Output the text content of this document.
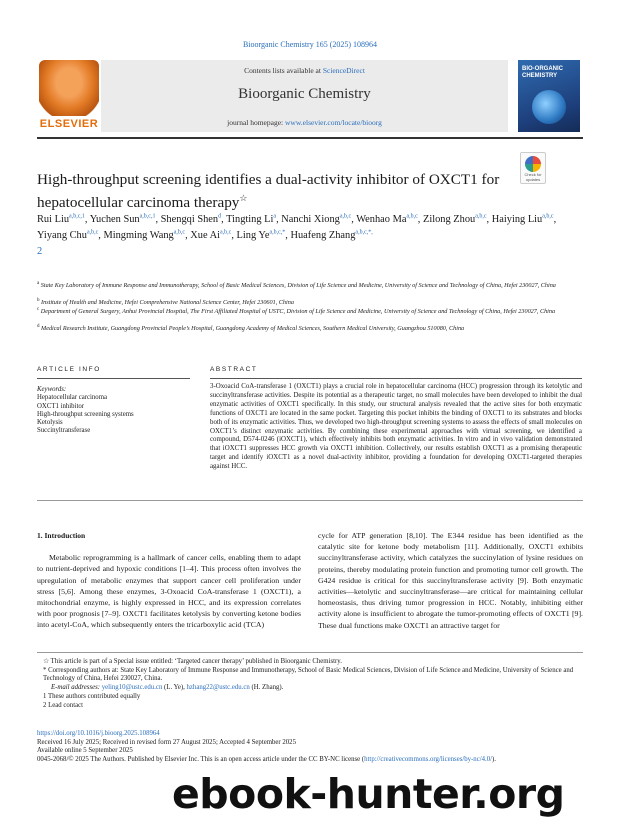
Bioorganic Chemistry 165 (2025) 108964
ELSEVIER
Contents lists available at ScienceDirect
Bioorganic Chemistry
journal homepage: www.elsevier.com/locate/bioorg
BIO-ORGANIC CHEMISTRY
High-throughput screening identifies a dual-activity inhibitor of OXCT1 for hepatocellular carcinoma therapy☆
Check for updates
Rui Liu$^{a,b,c,1}$, Yuchen Sun$^{a,b,c,1}$, Shengqi Shen$^d$, Tingting Li$^a$, Nanchi Xiong$^{a,b,c}$, Wenhao Ma$^{a,b,c}$, Zilong Zhou$^{a,b,c}$, Haiying Liu$^{a,b,c}$, Yiyang Chu$^{a,b,c}$, Mingming Wang$^{a,b,c}$, Xue Ai$^{a,b,c}$, Ling $Ye^{a,b,c,*}$, Huafeng Zhang$^{a,b,c,*,}$
2
$^a$ State Key Laboratory of Immune Response and Immunotherapy, School of Basic Medical Sciences, Division of Life Science and Medicine, University of Science and Technology of China, Hefei 230027, China
$^b$ Institute of Health and Medicine, Hefei Comprehensive National Science Center, Hefei 230601, China
$^c$ Department of General Surgery, Anhui Provincial Hospital, The First Affiliated Hospital of USTC, Division of Life Science and Medicine, University of Science and Technology of China, Hefei 230027, China
$^d$ Medical Research Institute, Guangdong Provincial People’s Hospital, Guangdong Academy of Medical Sciences, Southern Medical University, Guangzhou 510080, China
ARTICLE INFO	ABSTRACT
Keywords:
Hepatocellular carcinoma
OXCT1 inhibitor
High-throughput screening systems
Ketolysis
Succinyltransferase
3-Oxoacid CoA-transferase 1 (OXCT1) plays a crucial role in hepatocellular carcinoma (HCC) progression through its ketolytic and succinyltransferase activities. Despite its potential as a therapeutic target, no small molecules have been developed to inhibit the dual enzymatic activities of OXCT1 specifically. In this study, our structural analysis revealed that the active sites for both enzymatic functions of OXCT1 are located in the same pocket. Targeting this pocket inhibits the binding of OXCT1 to its substrates and blocks both of its enzymatic activities. Thus, we developed two high-throughput screening systems to assess the effects of small molecules on OXCT1’s distinct enzymatic activities. By combining these experimental approaches with virtual screening, we identified a compound, D574-0246 (iOXCT1), which effectively inhibits both enzymatic activities. In vitro and in vivo validation demonstrated that iOXCT1 suppresses HCC growth via OXCT1 inhibition. Collectively, our results establish OXCT1 as a promising therapeutic target and identify iOXCT1 as a novel dual-activity inhibitor, providing a foundation for developing OXCT1-targeted therapies against HCC.
1. Introduction

Metabolic reprogramming is a hallmark of cancer cells, enabling them to adapt to nutrient-deprived and hypoxic conditions [1–4]. This process often involves the upregulation of metabolic enzymes that support cancer cell proliferation under stress [5,6]. Among these enzymes, 3-Oxoacid CoA-transferase 1 (OXCT1), a mitochondrial enzyme, is highly expressed in HCC, and its expression correlates with poor prognosis [7–9]. OXCT1 facilitates ketolysis by converting ketone bodies into acetyl-CoA, which subsequently enters the tricarboxylic acid (TCA)

cycle for ATP generation [8,10]. The E344 residue has been identified as the catalytic site for ketone body metabolism [11]. Additionally, OXCT1 exhibits succinyltransferase activity, which catalyzes the succinylation of lysine residues on proteins, thereby modulating protein function and promoting tumor cell growth. The G424 residue is critical for this succinyltransferase activity [9]. Both enzymatic activities—ketolytic and succinyltransferase—are critical for maintaining cellular homeostasis, thus driving tumor progression in HCC. Notably, inhibiting either activity alone is insufficient to abrogate the tumor-promoting effects of OXCT1 [9]. These dual functions make OXCT1 an attractive target for

☆ This article is part of a Special issue entitled: ‘Targeted cancer therapy’ published in Bioorganic Chemistry.
* Corresponding authors at: State Key Laboratory of Immune Response and Immunotherapy, School of Basic Medical Sciences, Division of Life Science and Medicine, University of Science and Technology of China, Hefei 230027, China.
E-mail addresses: yeling10@ustc.edu.cn (L. Ye), hzhang22@ustc.edu.cn (H. Zhang).
1 These authors contributed equally
2 Lead contact
https://doi.org/10.1016/j.bioorg.2025.108964
Received 16 July 2025; Received in revised form 27 August 2025; Accepted 4 September 2025
Available online 5 September 2025
0045-2068/© 2025 The Authors. Published by Elsevier Inc. This is an open access article under the CC BY-NC license (http://creativecommons.org/licenses/by-nc/4.0/).
ebook-hunter.org
